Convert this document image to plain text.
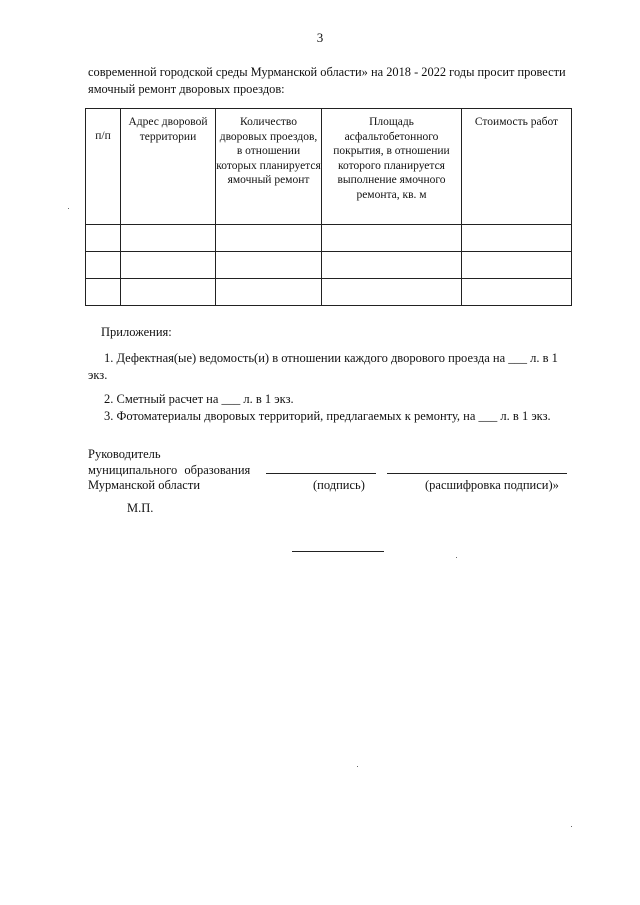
3
современной городской среды Мурманской области» на 2018 - 2022 годы просит провести ямочный ремонт дворовых проездов:
п/п	Адрес дворовой территории	Количество дворовых проездов, в отношении которых планируется ямочный ремонт	Площадь асфальтобетонного покрытия, в отношении которого планируется выполнение ямочного ремонта, кв. м	Стоимость работ

Приложения:
1. Дефектная(ые) ведомость(и) в отношении каждого дворового проезда на ___ л. в 1 экз.
2. Сметный расчет на ___ л. в 1 экз.
3. Фотоматериалы дворовых территорий, предлагаемых к ремонту, на ___ л. в 1 экз.
Руководитель
муниципального образования
Мурманской области	(подпись)	(расшифровка подписи)»
М.П.
